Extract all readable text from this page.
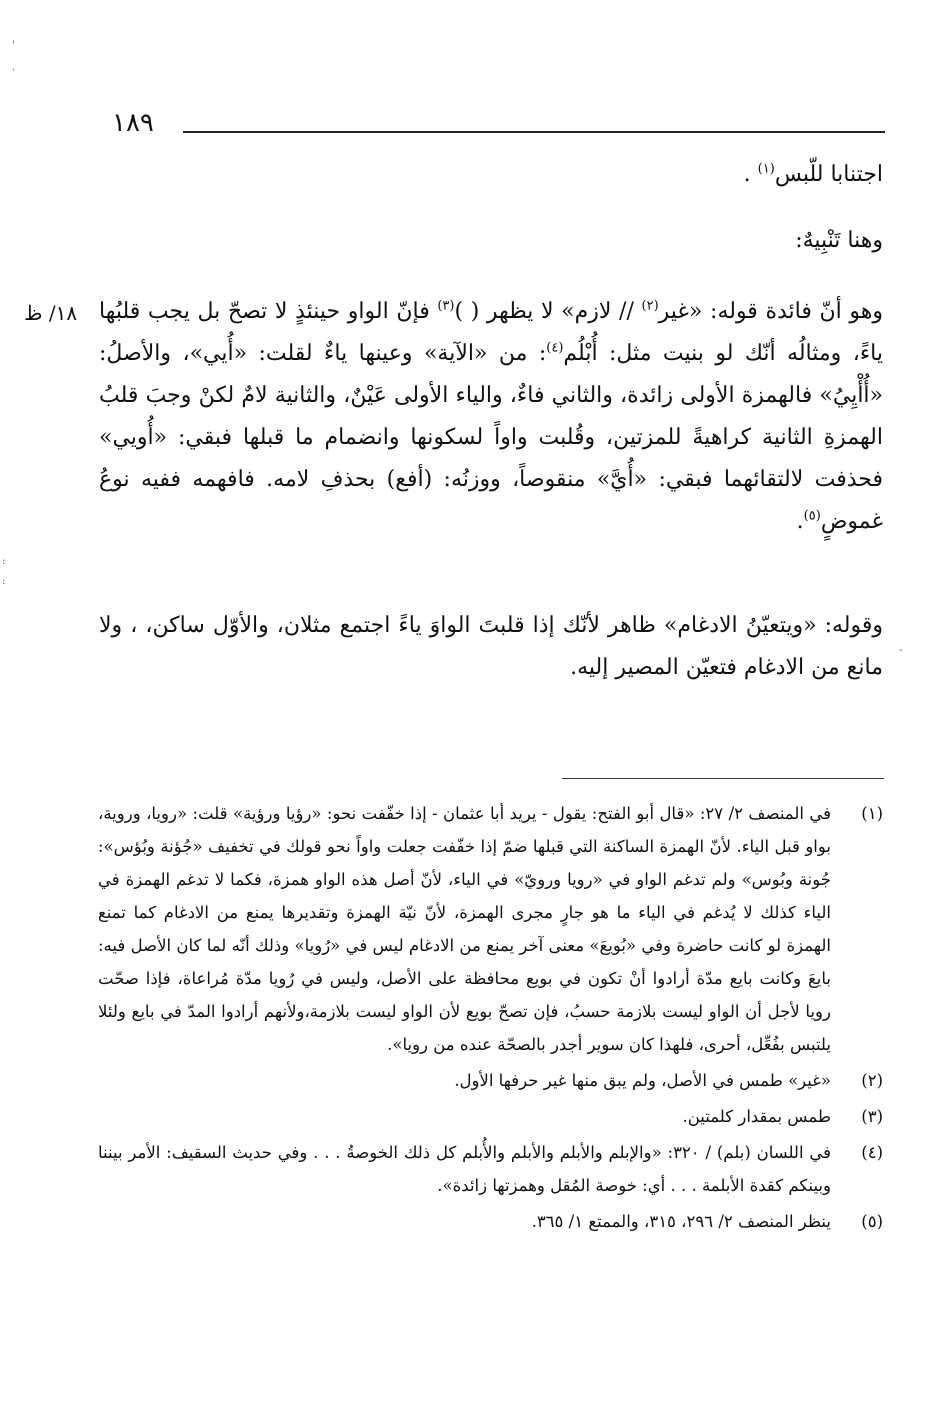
'
ۥ
:
:
-
١٨٩
اجتنابا للّبس$^{(١)}$ .
وهنا تَنْبِيهٌ:
١٨/ ظ	وهو أنّ فائدة قوله: «غير$^{(٢)}$ // لازم» لا يظهر ( )$^{(٣)}$ فإنّ الواو حينئذٍ لا تصحّ بل يجب قلبُها ياءً، ومثالُه أنّك لو بنيت مثل: أُبْلُم$^{(٤)}$: من «الآية» وعينها ياءٌ لقلت: «أُيي»، والأصلُ: «أُأْيِيُ» فالهمزة الأولى زائدة، والثاني فاءٌ، والياء الأولى عَيْنٌ، والثانية لامٌ لكنْ وجبَ قلبُ الهمزةِ الثانية كراهيةً للمزتين، وقُلبت واواً لسكونها وانضمام ما قبلها فبقي: «أُويي» فحذفت لالتقائهما فبقي: «أُيَّ» منقوصاً، ووزنُه: (أفع) بحذفِ لامه. فافهمه ففيه نوعُ غموضٍ$^{(٥)}$.
وقوله: «ويتعيّنُ الادغام» ظاهر لأنّك إذا قلبتَ الواوَ ياءً اجتمع مثلان، والأوّل ساكن، ، ولا مانع من الادغام فتعيّن المصير إليه.
(١)
في المنصف ٢/ ٢٧: «قال أبو الفتح: يقول - يريد أبا عثمان - إذا خفّفت نحو: «رؤيا ورؤية» قلت: «رويا، وروية، بواو قبل الياء. لأنّ الهمزة الساكنة التي قبلها ضمّ إذا خفّفت جعلت واواً نحو قولك في تخفيف «جُؤنة وبُؤس»: جُونة وبُوس» ولم تدغم الواو في «رويا ورويّ» في الياء، لأنّ أصل هذه الواو همزة، فكما لا تدغم الهمزة في الياء كذلك لا يُدغم في الياء ما هو جارٍ مجرى الهمزة، لأنّ نيّة الهمزة وتقديرها يمنع من الادغام كما تمنع الهمزة لو كانت حاضرة وفي «بُويعَ» معنى آخر يمنع من الادغام ليس في «رُويا» وذلك أنّه لما كان الأصل فيه: بايعَ وكانت بايع مدّة أرادوا أنْ تكون في بويع محافظة على الأصل، وليس في رُويا مدّة مُراعاة، فإذا صحّت رويا لأجل أن الواو ليست بلازمة حسبُ، فإن تصحّ بويع لأن الواو ليست بلازمة،ولأنهم أرادوا المدّ في بايع ولئلا يلتبس بفُعِّل، أحرى، فلهذا كان سوير أجدر بالصحّة عنده من رويا».
(٢)
«غير» طمس في الأصل، ولم يبق منها غير حرفها الأول.
(٣)
طمس بمقدار كلمتين.
(٤)
في اللسان (بلم) / ٣٢٠: «والإبلم والأبلم والأبلم والأُبلم كل ذلك الخوصةُ . . . وفي حديث السقيف: الأمر بيننا وبينكم كقدة الأبلمة . . . أي: خوصة المُقل وهمزتها زائدة».
(٥)
ينظر المنصف ٢/ ٢٩٦، ٣١٥، والممتع ١/ ٣٦٥.
